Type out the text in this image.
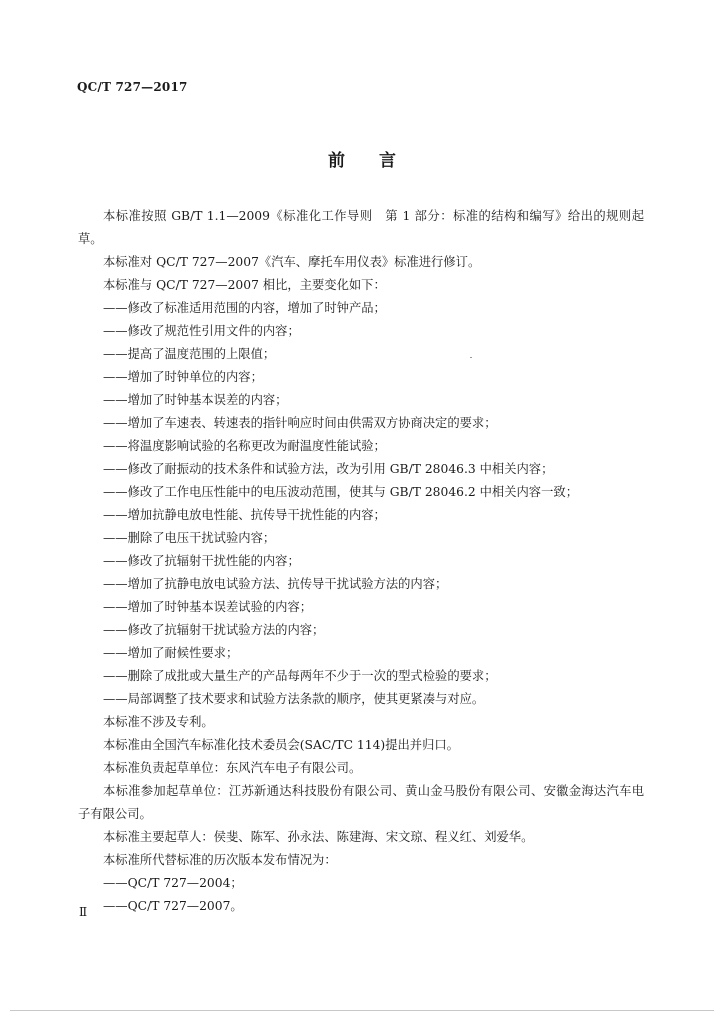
QC/T 727—2017
前言

本标准按照 GB/T 1.1—2009《标准化工作导则　第 1 部分：标准的结构和编写》给出的规则起草。

本标准对 QC/T 727—2007《汽车、摩托车用仪表》标准进行修订。

本标准与 QC/T 727—2007 相比，主要变化如下：

——修改了标准适用范围的内容，增加了时钟产品；

——修改了规范性引用文件的内容；

——提高了温度范围的上限值；

——增加了时钟单位的内容；

——增加了时钟基本误差的内容；

——增加了车速表、转速表的指针响应时间由供需双方协商决定的要求；

——将温度影响试验的名称更改为耐温度性能试验；

——修改了耐振动的技术条件和试验方法，改为引用 GB/T 28046.3 中相关内容；

——修改了工作电压性能中的电压波动范围，使其与 GB/T 28046.2 中相关内容一致；

——增加抗静电放电性能、抗传导干扰性能的内容；

——删除了电压干扰试验内容；

——修改了抗辐射干扰性能的内容；

——增加了抗静电放电试验方法、抗传导干扰试验方法的内容；

——增加了时钟基本误差试验的内容；

——修改了抗辐射干扰试验方法的内容；

——增加了耐候性要求；

——删除了成批或大量生产的产品每两年不少于一次的型式检验的要求；

——局部调整了技术要求和试验方法条款的顺序，使其更紧凑与对应。

本标准不涉及专利。

本标准由全国汽车标准化技术委员会(SAC/TC 114)提出并归口。

本标准负责起草单位：东风汽车电子有限公司。

本标准参加起草单位：江苏新通达科技股份有限公司、黄山金马股份有限公司、安徽金海达汽车电子有限公司。

本标准主要起草人：侯斐、陈军、孙永法、陈建海、宋文琼、程义红、刘爱华。

本标准所代替标准的历次版本发布情况为：

——QC/T 727—2004；

——QC/T 727—2007。

Ⅱ
